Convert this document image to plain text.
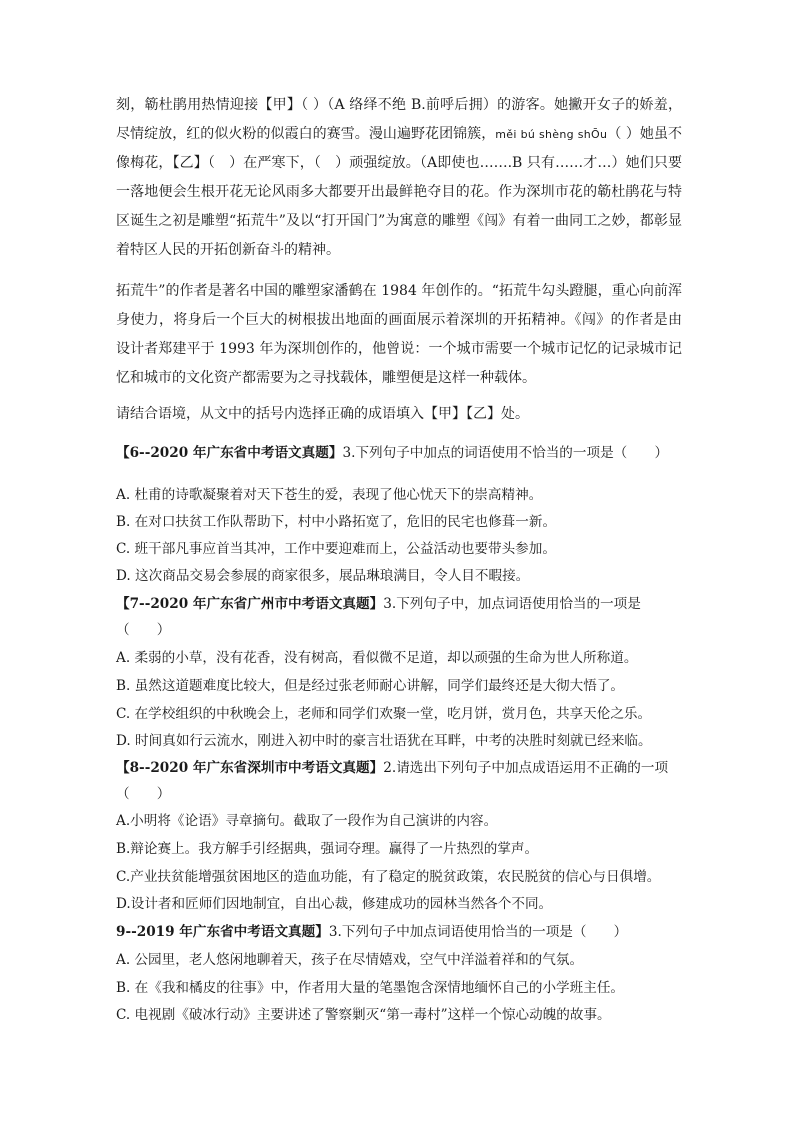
刻，簕杜鹃用热情迎接【甲】（ ）（A 络绎不绝 B.前呼后拥）的游客。她撇开女子的娇羞，尽情绽放，红的似火粉的似霞白的赛雪。漫山遍野花团锦簇，měi bú shèng shŌu（ ）她虽不像梅花，【乙】（　）在严寒下，（　）顽强绽放。（A即使也…….B 只有……才…）她们只要一落地便会生根开花无论风雨多大都要开出最鲜艳夺目的花。作为深圳市花的簕杜鹃花与特区诞生之初是雕塑“拓荒牛”及以“打开国门”为寓意的雕塑《闯》有着一曲同工之妙，都彰显着特区人民的开拓创新奋斗的精神。

拓荒牛”的作者是著名中国的雕塑家潘鹤在 1984 年创作的。“拓荒牛勾头蹬腿，重心向前浑身使力，将身后一个巨大的树根拔出地面的画面展示着深圳的开拓精神。《闯》的作者是由设计者郑建平于 1993 年为深圳创作的，他曾说：一个城市需要一个城市记忆的记录城市记忆和城市的文化资产都需要为之寻找载体，雕塑便是这样一种载体。

请结合语境，从文中的括号内选择正确的成语填入【甲】【乙】处。

【6--2020 年广东省中考语文真题】3.下列句子中加点的词语使用不恰当的一项是（　　）

A. 杜甫的诗歌凝聚着对天下苍生的爱，表现了他心忧天下的崇高精神。

B. 在对口扶贫工作队帮助下，村中小路拓宽了，危旧的民宅也修葺一新。

C. 班干部凡事应首当其冲，工作中要迎难而上，公益活动也要带头参加。

D. 这次商品交易会参展的商家很多，展品琳琅满目，令人目不暇接。

【7--2020 年广东省广州市中考语文真题】3.下列句子中，加点词语使用恰当的一项是

（　　）

A. 柔弱的小草，没有花香，没有树高，看似微不足道，却以顽强的生命为世人所称道。

B. 虽然这道题难度比较大，但是经过张老师耐心讲解，同学们最终还是大彻大悟了。

C. 在学校组织的中秋晚会上，老师和同学们欢聚一堂，吃月饼，赏月色，共享天伦之乐。

D. 时间真如行云流水，刚进入初中时的豪言壮语犹在耳畔，中考的决胜时刻就已经来临。

【8--2020 年广东省深圳市中考语文真题】2.请选出下列句子中加点成语运用不正确的一项

（　　）

A.小明将《论语》寻章摘句。截取了一段作为自己演讲的内容。

B.辩论赛上。我方解手引经据典，强词夺理。赢得了一片热烈的掌声。

C.产业扶贫能增强贫困地区的造血功能，有了稳定的脱贫政策，农民脱贫的信心与日俱增。

D.设计者和匠师们因地制宜，自出心裁，修建成功的园林当然各个不同。

9--2019 年广东省中考语文真题】3.下列句子中加点词语使用恰当的一项是（　　）

A. 公园里，老人悠闲地聊着天，孩子在尽情嬉戏，空气中洋溢着祥和的气氛。

B. 在《我和橘皮的往事》中，作者用大量的笔墨饱含深情地缅怀自己的小学班主任。

C. 电视剧《破冰行动》主要讲述了警察剿灭“第一毒村”这样一个惊心动魄的故事。
